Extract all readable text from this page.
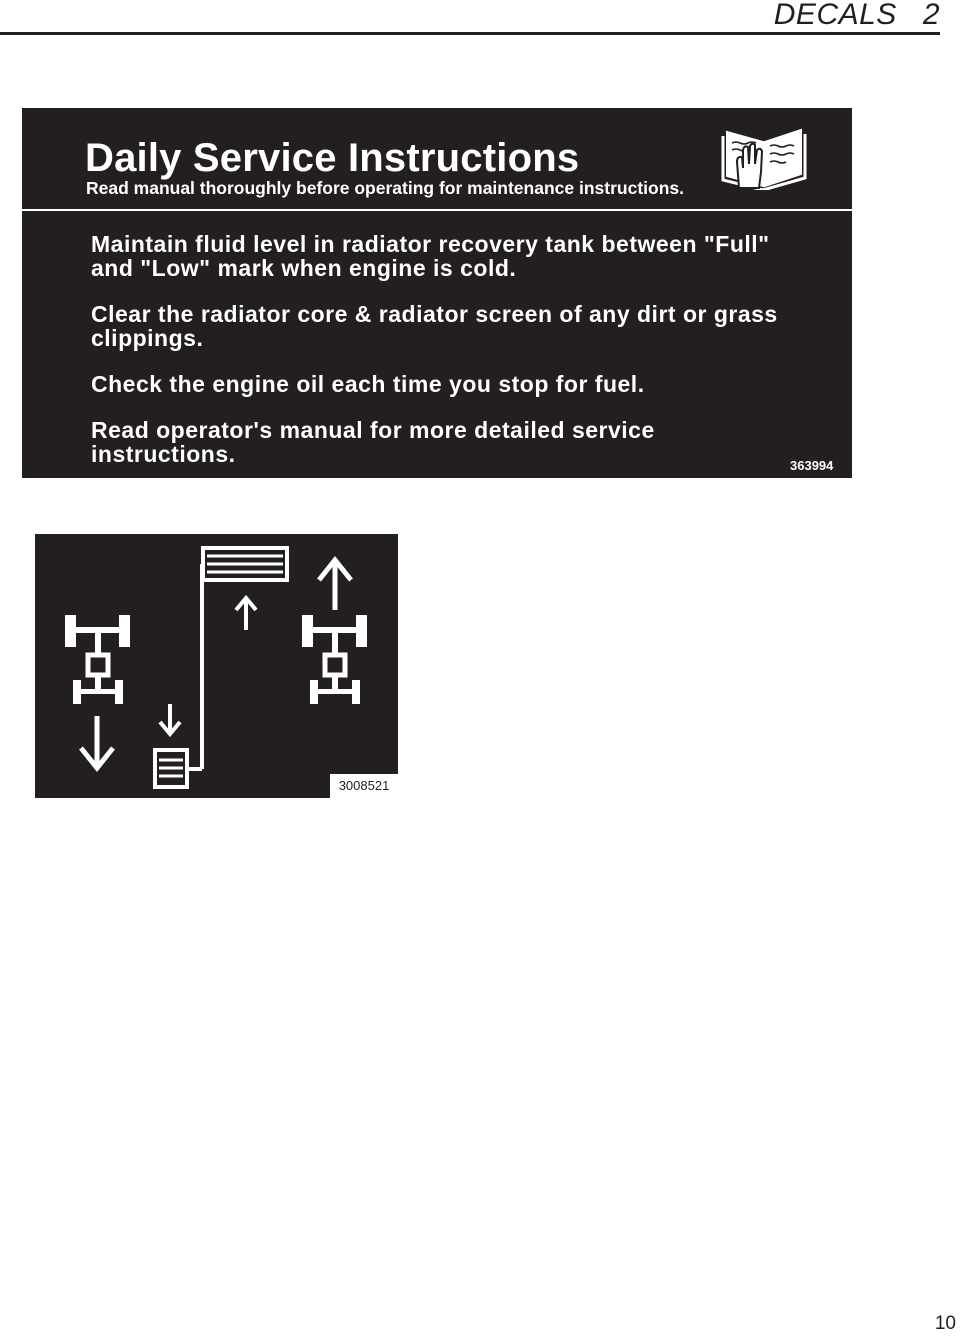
DECALS 2
Daily Service Instructions
Read manual thoroughly before operating for maintenance instructions.

Maintain fluid level in radiator recovery tank between "Full" and "Low" mark when engine is cold.

Clear the radiator core & radiator screen of any dirt or grass clippings.

Check the engine oil each time you stop for fuel.

Read operator's manual for more detailed service instructions.	363994
3008521
10
